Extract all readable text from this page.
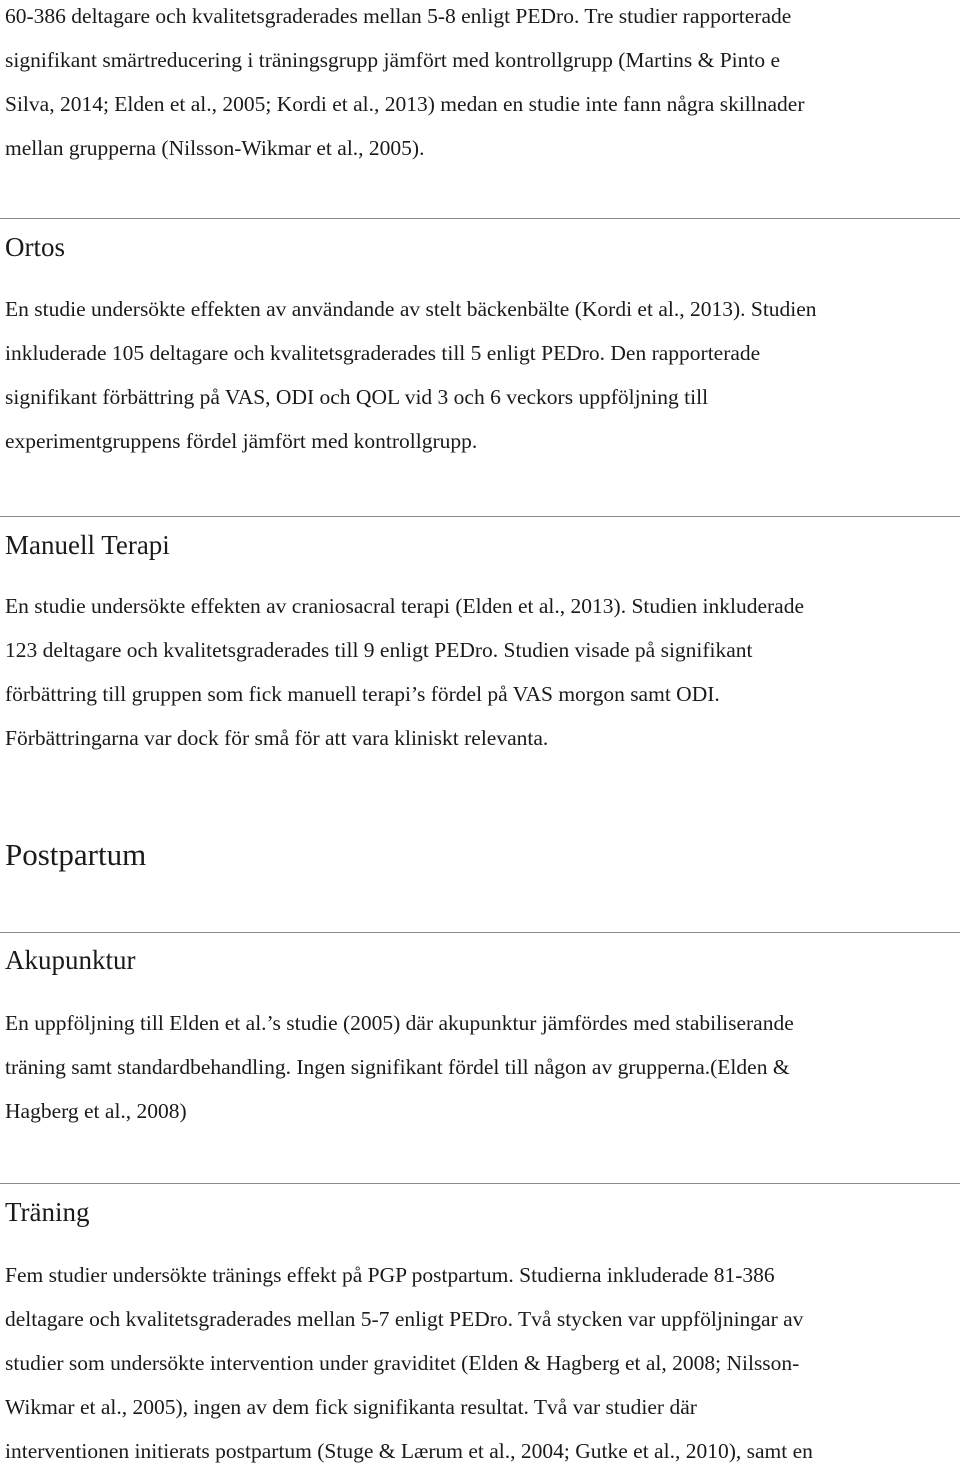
60-386 deltagare och kvalitetsgraderades mellan 5-8 enligt PEDro. Tre studier rapporterade
signifikant smärtreducering i träningsgrupp jämfört med kontrollgrupp (Martins & Pinto e
Silva, 2014; Elden et al., 2005; Kordi et al., 2013) medan en studie inte fann några skillnader
mellan grupperna (Nilsson-Wikmar et al., 2005).
Ortos
En studie undersökte effekten av användande av stelt bäckenbälte (Kordi et al., 2013). Studien
inkluderade 105 deltagare och kvalitetsgraderades till 5 enligt PEDro. Den rapporterade
signifikant förbättring på VAS, ODI och QOL vid 3 och 6 veckors uppföljning till
experimentgruppens fördel jämfört med kontrollgrupp.
Manuell Terapi
En studie undersökte effekten av craniosacral terapi (Elden et al., 2013). Studien inkluderade
123 deltagare och kvalitetsgraderades till 9 enligt PEDro. Studien visade på signifikant
förbättring till gruppen som fick manuell terapi’s fördel på VAS morgon samt ODI.
Förbättringarna var dock för små för att vara kliniskt relevanta.
Postpartum
Akupunktur
En uppföljning till Elden et al.’s studie (2005) där akupunktur jämfördes med stabiliserande
träning samt standardbehandling. Ingen signifikant fördel till någon av grupperna.(Elden &
Hagberg et al., 2008)
Träning
Fem studier undersökte tränings effekt på PGP postpartum. Studierna inkluderade 81-386
deltagare och kvalitetsgraderades mellan 5-7 enligt PEDro. Två stycken var uppföljningar av
studier som undersökte intervention under graviditet (Elden & Hagberg et al, 2008; Nilsson-
Wikmar et al., 2005), ingen av dem fick signifikanta resultat. Två var studier där
interventionen initierats postpartum (Stuge & Lærum et al., 2004; Gutke et al., 2010), samt en
